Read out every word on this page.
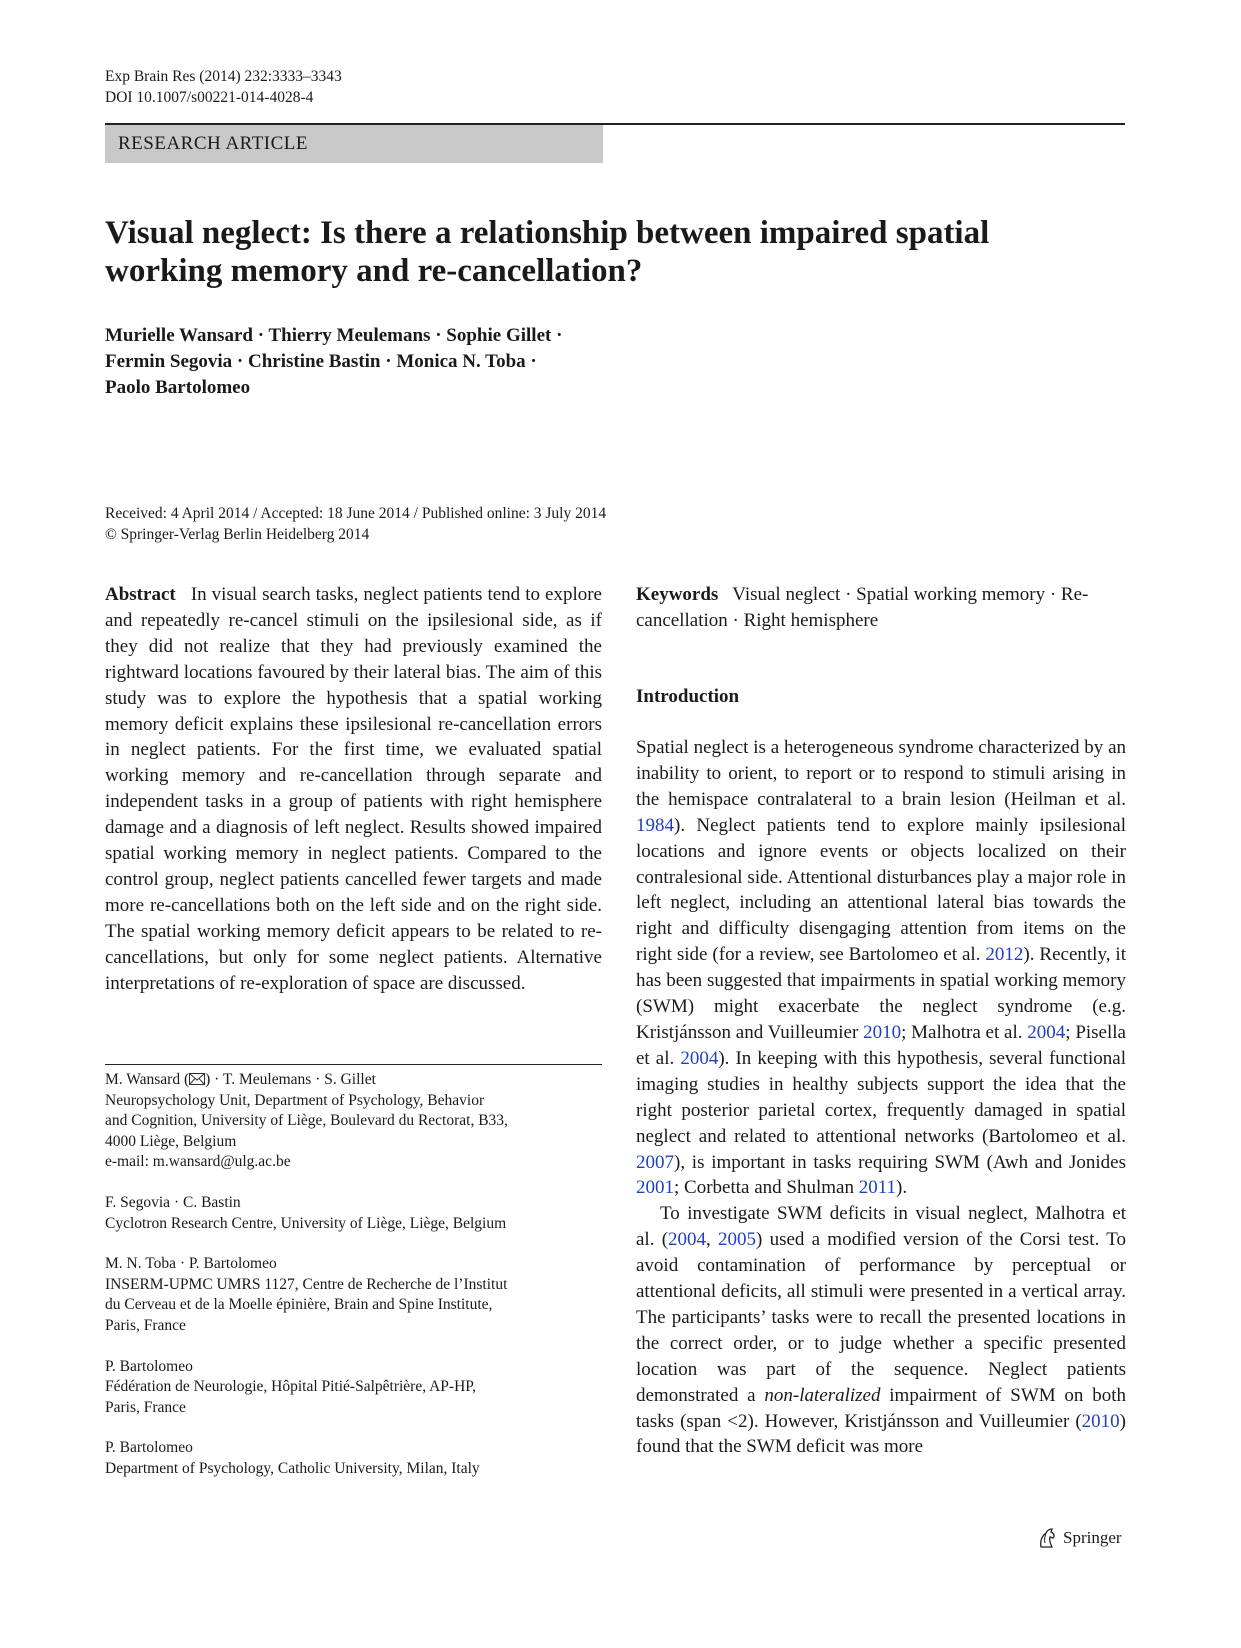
Exp Brain Res (2014) 232:3333–3343
DOI 10.1007/s00221-014-4028-4
RESEARCH ARTICLE
Visual neglect: Is there a relationship between impaired spatial
working memory and re-cancellation?
Murielle Wansard · Thierry Meulemans · Sophie Gillet ·
Fermin Segovia · Christine Bastin · Monica N. Toba ·
Paolo Bartolomeo
Received: 4 April 2014 / Accepted: 18 June 2014 / Published online: 3 July 2014
© Springer-Verlag Berlin Heidelberg 2014
Abstract In visual search tasks, neglect patients tend to explore and repeatedly re-cancel stimuli on the ipsilesional side, as if they did not realize that they had previously examined the rightward locations favoured by their lateral bias. The aim of this study was to explore the hypothesis that a spatial working memory deficit explains these ipsilesional re-cancellation errors in neglect patients. For the first time, we evaluated spatial working memory and re-cancellation through separate and independent tasks in a group of patients with right hemisphere damage and a diagnosis of left neglect. Results showed impaired spatial working memory in neglect patients. Compared to the control group, neglect patients cancelled fewer targets and made more re-cancellations both on the left side and on the right side. The spatial working memory deficit appears to be related to re-cancellations, but only for some neglect patients. Alternative interpretations of re-exploration of space are discussed.
M. Wansard ( ) · T. Meulemans · S. Gillet
Neuropsychology Unit, Department of Psychology, Behavior
and Cognition, University of Liège, Boulevard du Rectorat, B33,
4000 Liège, Belgium
e-mail: m.wansard@ulg.ac.be
F. Segovia · C. Bastin
Cyclotron Research Centre, University of Liège, Liège, Belgium
M. N. Toba · P. Bartolomeo
INSERM-UPMC UMRS 1127, Centre de Recherche de l’Institut
du Cerveau et de la Moelle épinière, Brain and Spine Institute,
Paris, France
P. Bartolomeo
Fédération de Neurologie, Hôpital Pitié-Salpêtrière, AP-HP,
Paris, France
P. Bartolomeo
Department of Psychology, Catholic University, Milan, Italy
Keywords Visual neglect · Spatial working memory · Re-cancellation · Right hemisphere
Introduction

Spatial neglect is a heterogeneous syndrome characterized by an inability to orient, to report or to respond to stimuli arising in the hemispace contralateral to a brain lesion (Heilman et al. 1984). Neglect patients tend to explore mainly ipsilesional locations and ignore events or objects localized on their contralesional side. Attentional disturbances play a major role in left neglect, including an attentional lateral bias towards the right and difficulty disengaging attention from items on the right side (for a review, see Bartolomeo et al. 2012). Recently, it has been suggested that impairments in spatial working memory (SWM) might exacerbate the neglect syndrome (e.g. Kristjánsson and Vuilleumier 2010; Malhotra et al. 2004; Pisella et al. 2004). In keeping with this hypothesis, several functional imaging studies in healthy subjects support the idea that the right posterior parietal cortex, frequently damaged in spatial neglect and related to attentional networks (Bartolomeo et al. 2007), is important in tasks requiring SWM (Awh and Jonides 2001; Corbetta and Shulman 2011).

To investigate SWM deficits in visual neglect, Malhotra et al. (2004, 2005) used a modified version of the Corsi test. To avoid contamination of performance by perceptual or attentional deficits, all stimuli were presented in a vertical array. The participants’ tasks were to recall the presented locations in the correct order, or to judge whether a specific presented location was part of the sequence. Neglect patients demonstrated a non-lateralized impairment of SWM on both tasks (span <2). However, Kristjánsson and Vuilleumier (2010) found that the SWM deficit was more

Springer
